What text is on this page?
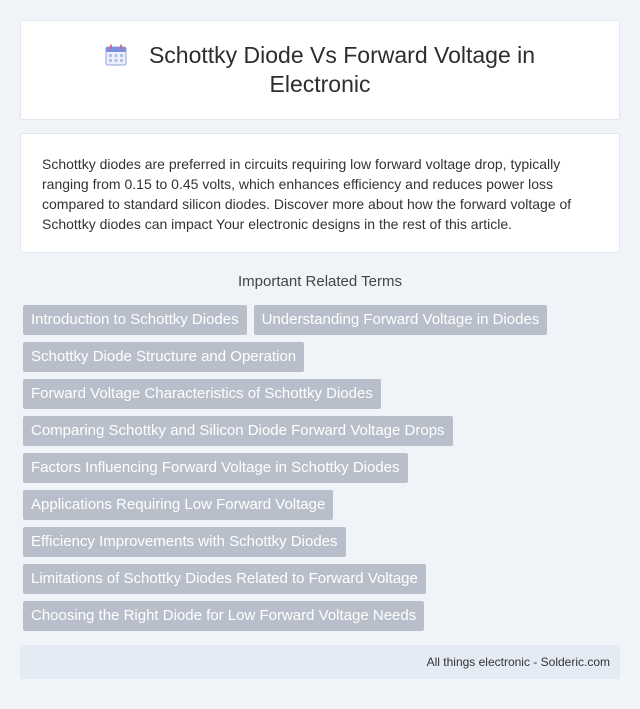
Schottky Diode Vs Forward Voltage in Electronic

Schottky diodes are preferred in circuits requiring low forward voltage drop, typically ranging from 0.15 to 0.45 volts, which enhances efficiency and reduces power loss compared to standard silicon diodes. Discover more about how the forward voltage of Schottky diodes can impact Your electronic designs in the rest of this article.

Important Related Terms
Introduction to Schottky Diodes	Understanding Forward Voltage in Diodes
Schottky Diode Structure and Operation
Forward Voltage Characteristics of Schottky Diodes
Comparing Schottky and Silicon Diode Forward Voltage Drops
Factors Influencing Forward Voltage in Schottky Diodes
Applications Requiring Low Forward Voltage
Efficiency Improvements with Schottky Diodes
Limitations of Schottky Diodes Related to Forward Voltage
Choosing the Right Diode for Low Forward Voltage Needs
All things electronic - Solderic.com
